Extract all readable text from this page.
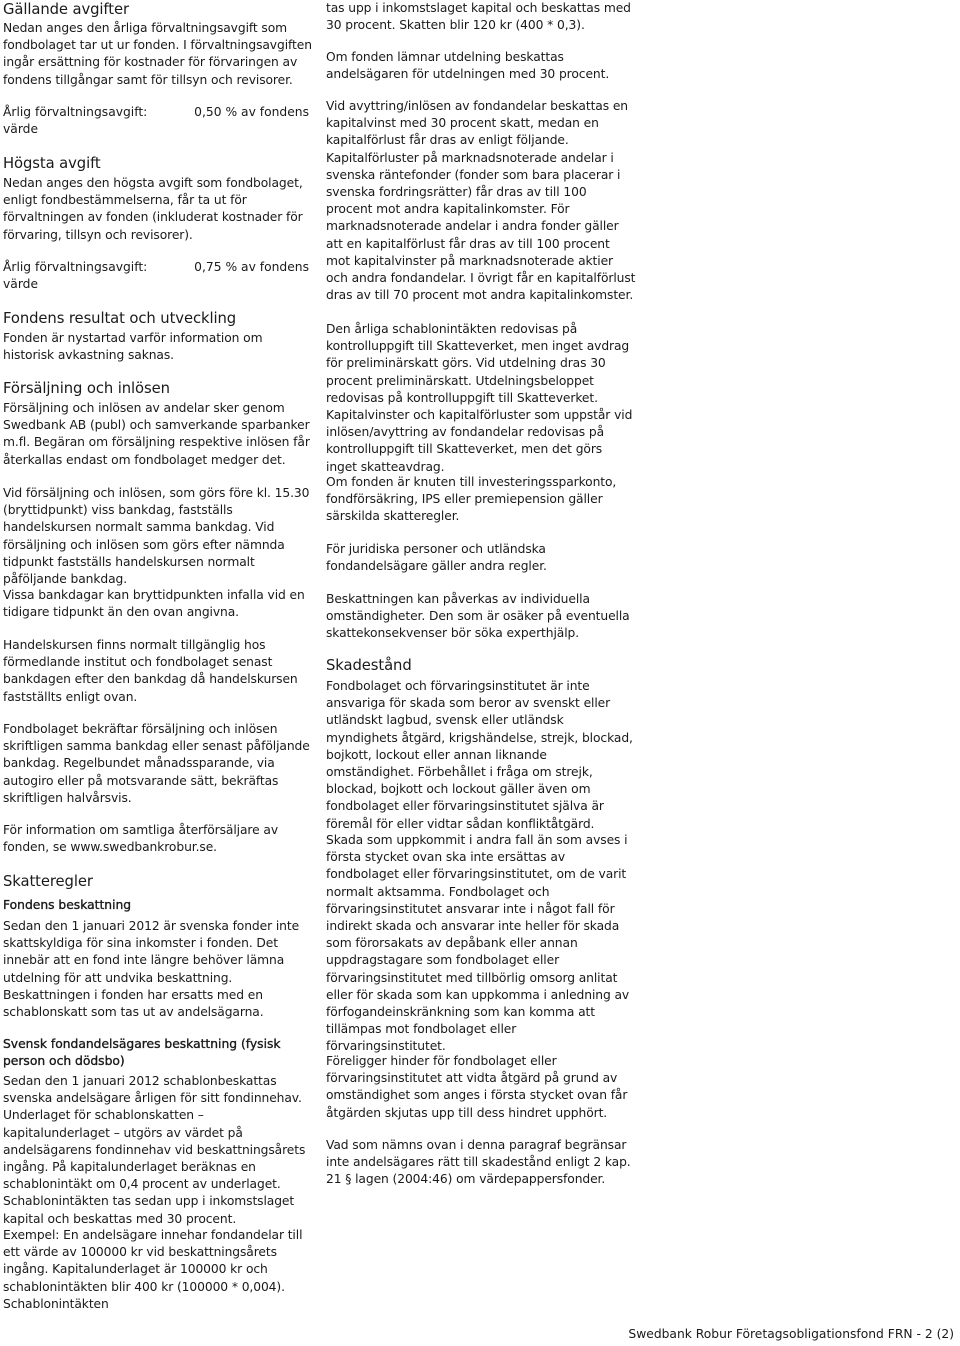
Gällande avgifter

Nedan anges den årliga förvaltningsavgift som fondbolaget tar ut ur fonden. I förvaltningsavgiften ingår ersättning för kostnader för förvaringen av fondens tillgångar samt för tillsyn och revisorer.

Årlig förvaltningsavgift:	0,50 % av fondens
värde
Högsta avgift

Nedan anges den högsta avgift som fondbolaget, enligt fondbestämmelserna, får ta ut för förvaltningen av fonden (inkluderat kostnader för förvaring, tillsyn och revisorer).

Årlig förvaltningsavgift:	0,75 % av fondens
värde
Fondens resultat och utveckling

Fonden är nystartad varför information om historisk avkastning saknas.

Försäljning och inlösen

Försäljning och inlösen av andelar sker genom Swedbank AB (publ) och samverkande sparbanker m.fl. Begäran om försäljning respektive inlösen får återkallas endast om fondbolaget medger det.

Vid försäljning och inlösen, som görs före kl. 15.30 (bryttidpunkt) viss bankdag, fastställs handelskursen normalt samma bankdag. Vid försäljning och inlösen som görs efter nämnda tidpunkt fastställs handelskursen normalt påföljande bankdag.

Vissa bankdagar kan bryttidpunkten infalla vid en tidigare tidpunkt än den ovan angivna.

Handelskursen finns normalt tillgänglig hos förmedlande institut och fondbolaget senast bankdagen efter den bankdag då handelskursen fastställts enligt ovan.

Fondbolaget bekräftar försäljning och inlösen skriftligen samma bankdag eller senast påföljande bankdag. Regelbundet månadssparande, via autogiro eller på motsvarande sätt, bekräftas skriftligen halvårsvis.

För information om samtliga återförsäljare av fonden, se www.swedbankrobur.se.

Skatteregler
Fondens beskattning

Sedan den 1 januari 2012 är svenska fonder inte skattskyldiga för sina inkomster i fonden. Det innebär att en fond inte längre behöver lämna utdelning för att undvika beskattning. Beskattningen i fonden har ersatts med en schablonskatt som tas ut av andelsägarna.

Svensk fondandelsägares beskattning (fysisk person och dödsbo)

Sedan den 1 januari 2012 schablonbeskattas svenska andelsägare årligen för sitt fondinnehav. Underlaget för schablonskatten – kapitalunderlaget – utgörs av värdet på andelsägarens fondinnehav vid beskattningsårets ingång. På kapitalunderlaget beräknas en schablonintäkt om 0,4 procent av underlaget. Schablonintäkten tas sedan upp i inkomstslaget kapital och beskattas med 30 procent.

Exempel: En andelsägare innehar fondandelar till ett värde av 100000 kr vid beskattningsårets ingång. Kapitalunderlaget är 100000 kr och schablonintäkten blir 400 kr (100000 * 0,004). Schablonintäkten

tas upp i inkomstslaget kapital och beskattas med 30 procent. Skatten blir 120 kr (400 * 0,3).

Om fonden lämnar utdelning beskattas andelsägaren för utdelningen med 30 procent.

Vid avyttring/inlösen av fondandelar beskattas en kapitalvinst med 30 procent skatt, medan en kapitalförlust får dras av enligt följande. Kapitalförluster på marknadsnoterade andelar i svenska räntefonder (fonder som bara placerar i svenska fordringsrätter) får dras av till 100 procent mot andra kapitalinkomster. För marknadsnoterade andelar i andra fonder gäller att en kapitalförlust får dras av till 100 procent mot kapitalvinster på marknadsnoterade aktier och andra fondandelar. I övrigt får en kapitalförlust dras av till 70 procent mot andra kapitalinkomster.

Den årliga schablonintäkten redovisas på kontrolluppgift till Skatteverket, men inget avdrag för preliminärskatt görs. Vid utdelning dras 30 procent preliminärskatt. Utdelningsbeloppet redovisas på kontrolluppgift till Skatteverket. Kapitalvinster och kapitalförluster som uppstår vid inlösen/avyttring av fondandelar redovisas på kontrolluppgift till Skatteverket, men det görs inget skatteavdrag.

Om fonden är knuten till investeringssparkonto, fondförsäkring, IPS eller premiepension gäller särskilda skatteregler.

För juridiska personer och utländska fondandelsägare gäller andra regler.

Beskattningen kan påverkas av individuella omständigheter. Den som är osäker på eventuella skattekonsekvenser bör söka experthjälp.

Skadestånd

Fondbolaget och förvaringsinstitutet är inte ansvariga för skada som beror av svenskt eller utländskt lagbud, svensk eller utländsk myndighets åtgärd, krigshändelse, strejk, blockad, bojkott, lockout eller annan liknande omständighet. Förbehållet i fråga om strejk, blockad, bojkott och lockout gäller även om fondbolaget eller förvaringsinstitutet själva är föremål för eller vidtar sådan konfliktåtgärd.

Skada som uppkommit i andra fall än som avses i första stycket ovan ska inte ersättas av fondbolaget eller förvaringsinstitutet, om de varit normalt aktsamma. Fondbolaget och förvaringsinstitutet ansvarar inte i något fall för indirekt skada och ansvarar inte heller för skada som förorsakats av depåbank eller annan uppdragstagare som fondbolaget eller förvaringsinstitutet med tillbörlig omsorg anlitat eller för skada som kan uppkomma i anledning av förfogandeinskränkning som kan komma att tillämpas mot fondbolaget eller förvaringsinstitutet.

Föreligger hinder för fondbolaget eller förvaringsinstitutet att vidta åtgärd på grund av omständighet som anges i första stycket ovan får åtgärden skjutas upp till dess hindret upphört.

Vad som nämns ovan i denna paragraf begränsar inte andelsägares rätt till skadestånd enligt 2 kap. 21 § lagen (2004:46) om värdepappersfonder.

Swedbank Robur Företagsobligationsfond FRN - 2 (2)
